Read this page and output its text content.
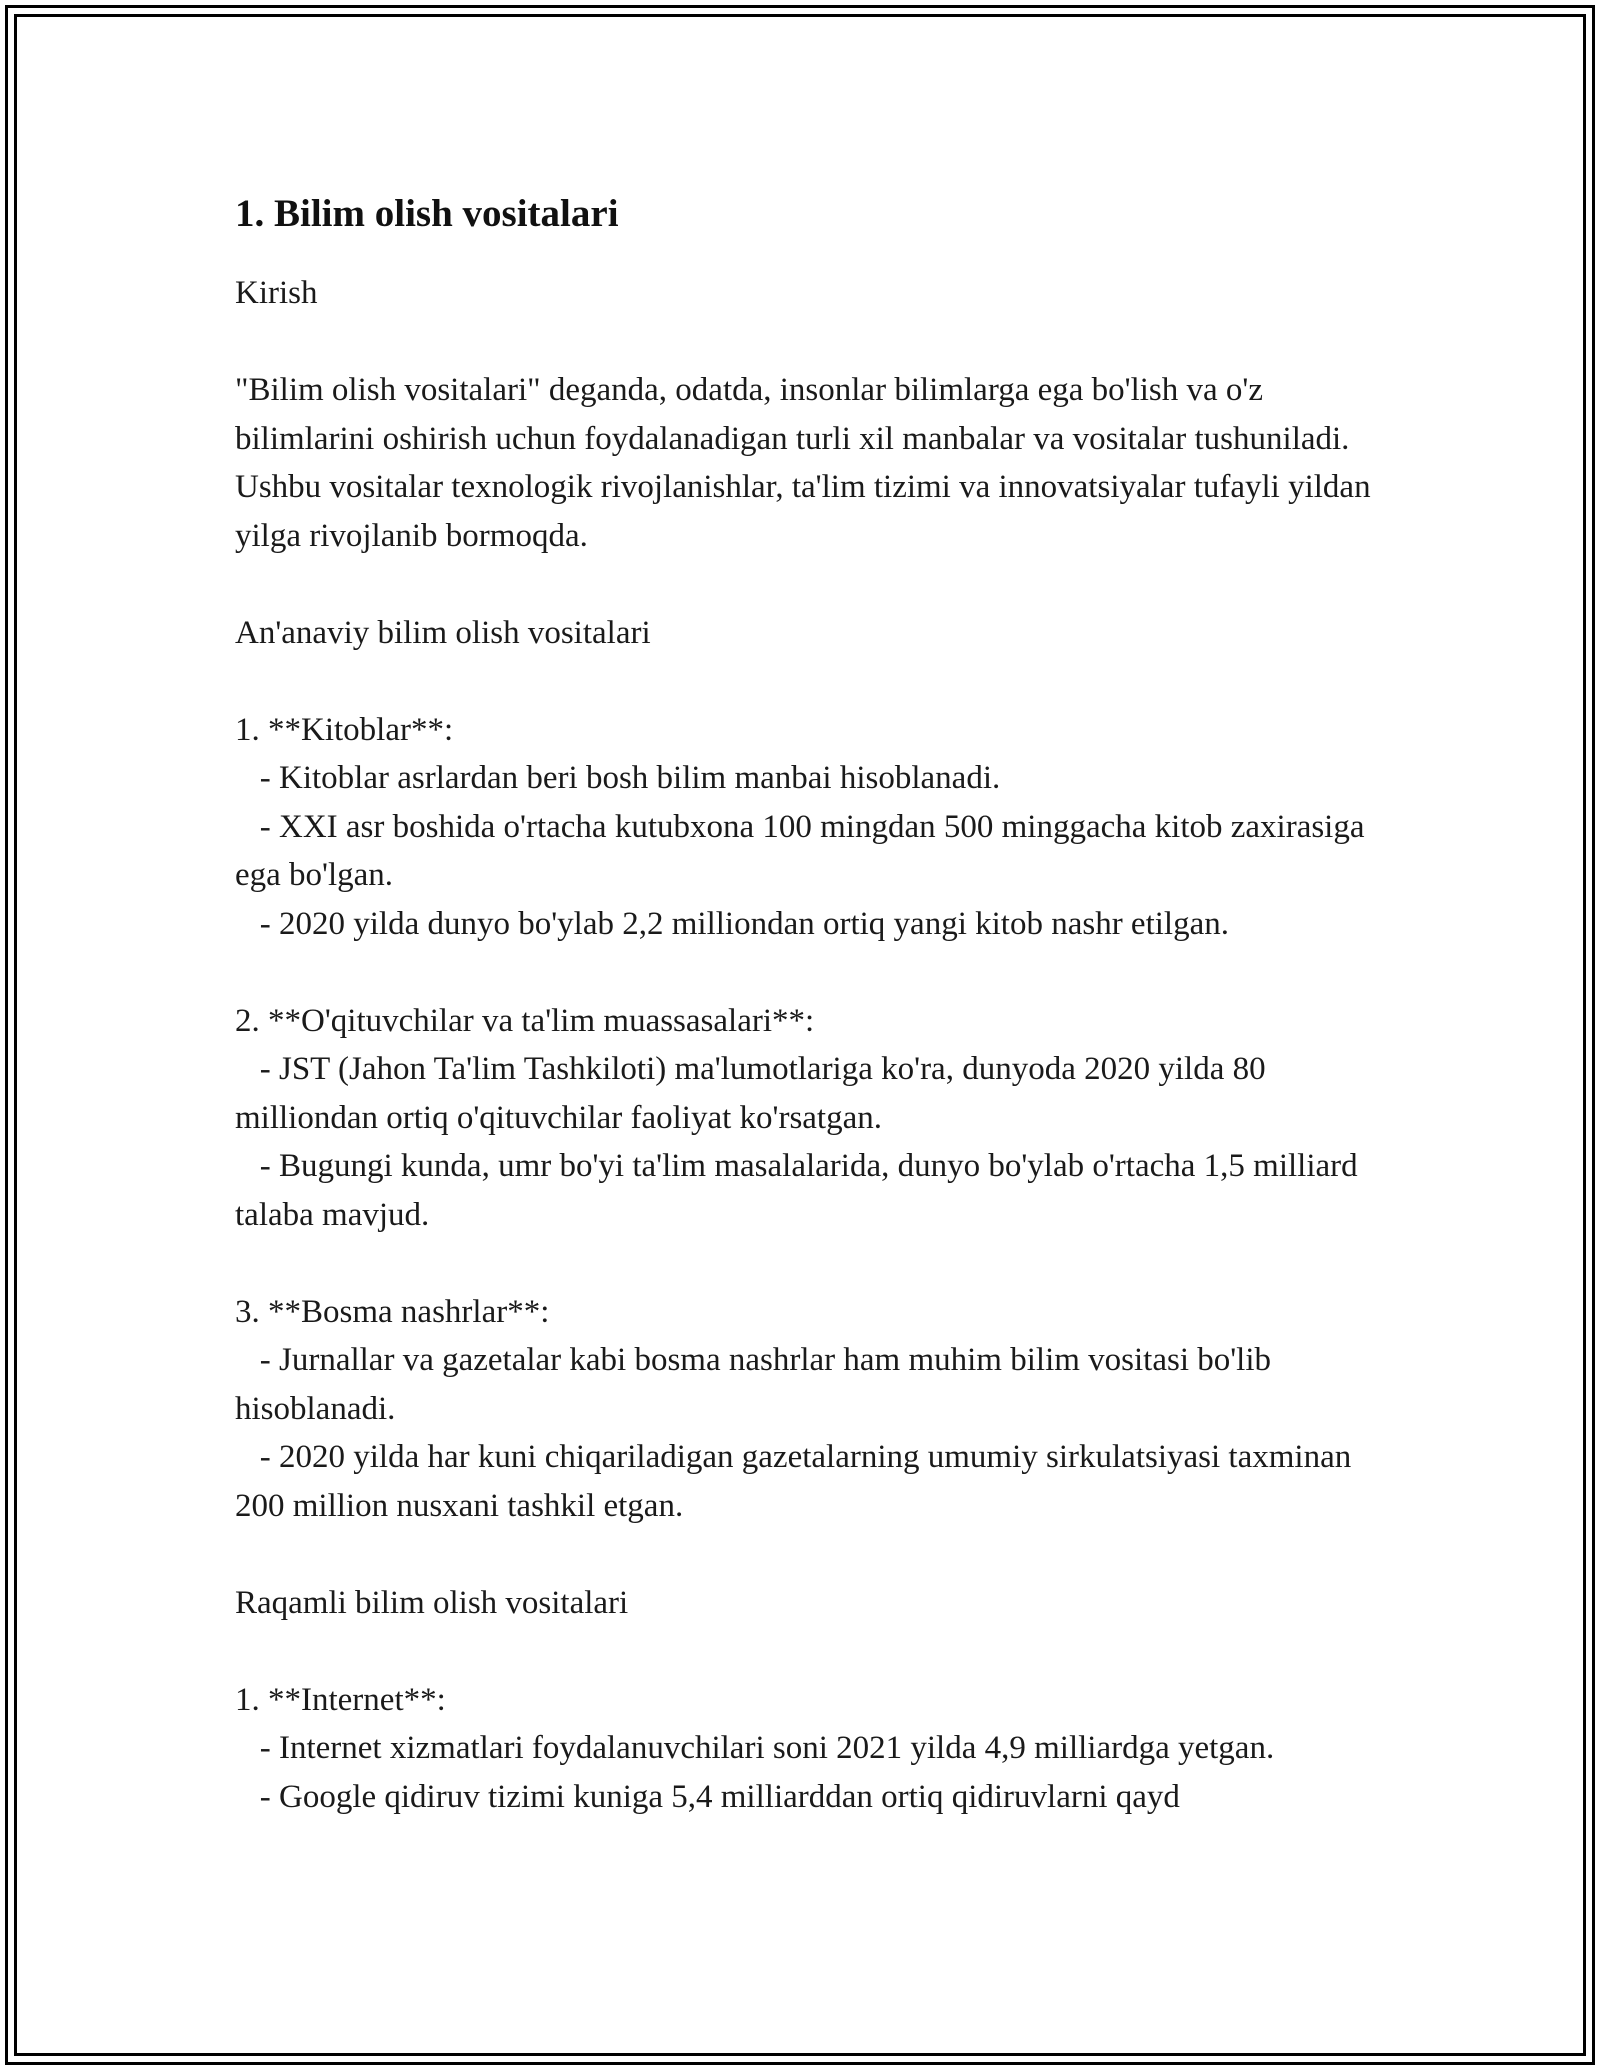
1. Bilim olish vositalari

Kirish

"Bilim olish vositalari" deganda, odatda, insonlar bilimlarga ega bo'lish va o'z bilimlarini oshirish uchun foydalanadigan turli xil manbalar va vositalar tushuniladi. Ushbu vositalar texnologik rivojlanishlar, ta'lim tizimi va innovatsiyalar tufayli yildan yilga rivojlanib bormoqda.

An'anaviy bilim olish vositalari

1. **Kitoblar**:

- Kitoblar asrlardan beri bosh bilim manbai hisoblanadi.

- XXI asr boshida o'rtacha kutubxona 100 mingdan 500 minggacha kitob zaxirasiga ega bo'lgan.

- 2020 yilda dunyo bo'ylab 2,2 milliondan ortiq yangi kitob nashr etilgan.

2. **O'qituvchilar va ta'lim muassasalari**:

- JST (Jahon Ta'lim Tashkiloti) ma'lumotlariga ko'ra, dunyoda 2020 yilda 80 milliondan ortiq o'qituvchilar faoliyat ko'rsatgan.

- Bugungi kunda, umr bo'yi ta'lim masalalarida, dunyo bo'ylab o'rtacha 1,5 milliard talaba mavjud.

3. **Bosma nashrlar**:

- Jurnallar va gazetalar kabi bosma nashrlar ham muhim bilim vositasi bo'lib hisoblanadi.

- 2020 yilda har kuni chiqariladigan gazetalarning umumiy sirkulatsiyasi taxminan 200 million nusxani tashkil etgan.

Raqamli bilim olish vositalari

1. **Internet**:

- Internet xizmatlari foydalanuvchilari soni 2021 yilda 4,9 milliardga yetgan.

- Google qidiruv tizimi kuniga 5,4 milliarddan ortiq qidiruvlarni qayd
